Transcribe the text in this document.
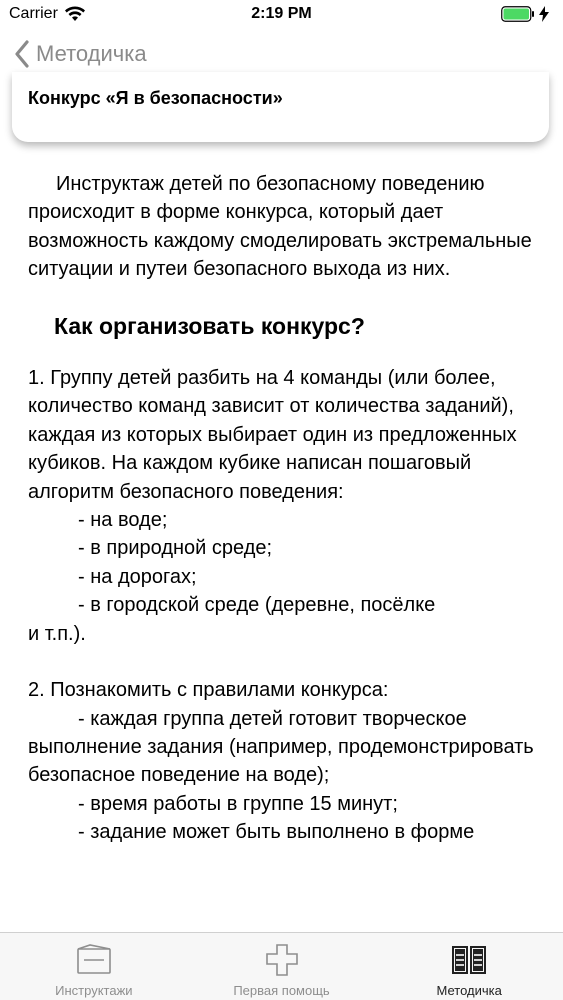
Carrier	2:19 PM
Конкурс «Я в безопасности»
Методичка

Инструктаж детей по безопасному поведению происходит в форме конкурса, который дает возможность каждому смоделировать экстремальные ситуации и путеи безопасного выхода из них.

Как организовать конкурс?

1. Группу детей разбить на 4 команды (или более, количество команд зависит от количества заданий), каждая из которых выбирает один из предложенных кубиков. На каждом кубике написан пошаговый алгоритм безопасного поведения:

- на воде;

- в природной среде;

- на дорогах;

- в городской среде (деревне, посёлке

и т.п.).

2. Познакомить с правилами конкурса:

- каждая группа детей готовит творческое

выполнение задания (например, продемонстрировать безопасное поведение на воде);

- время работы в группе 15 минут;

- задание может быть выполнено в форме

Инструктажи	Первая помощь	Методичка
